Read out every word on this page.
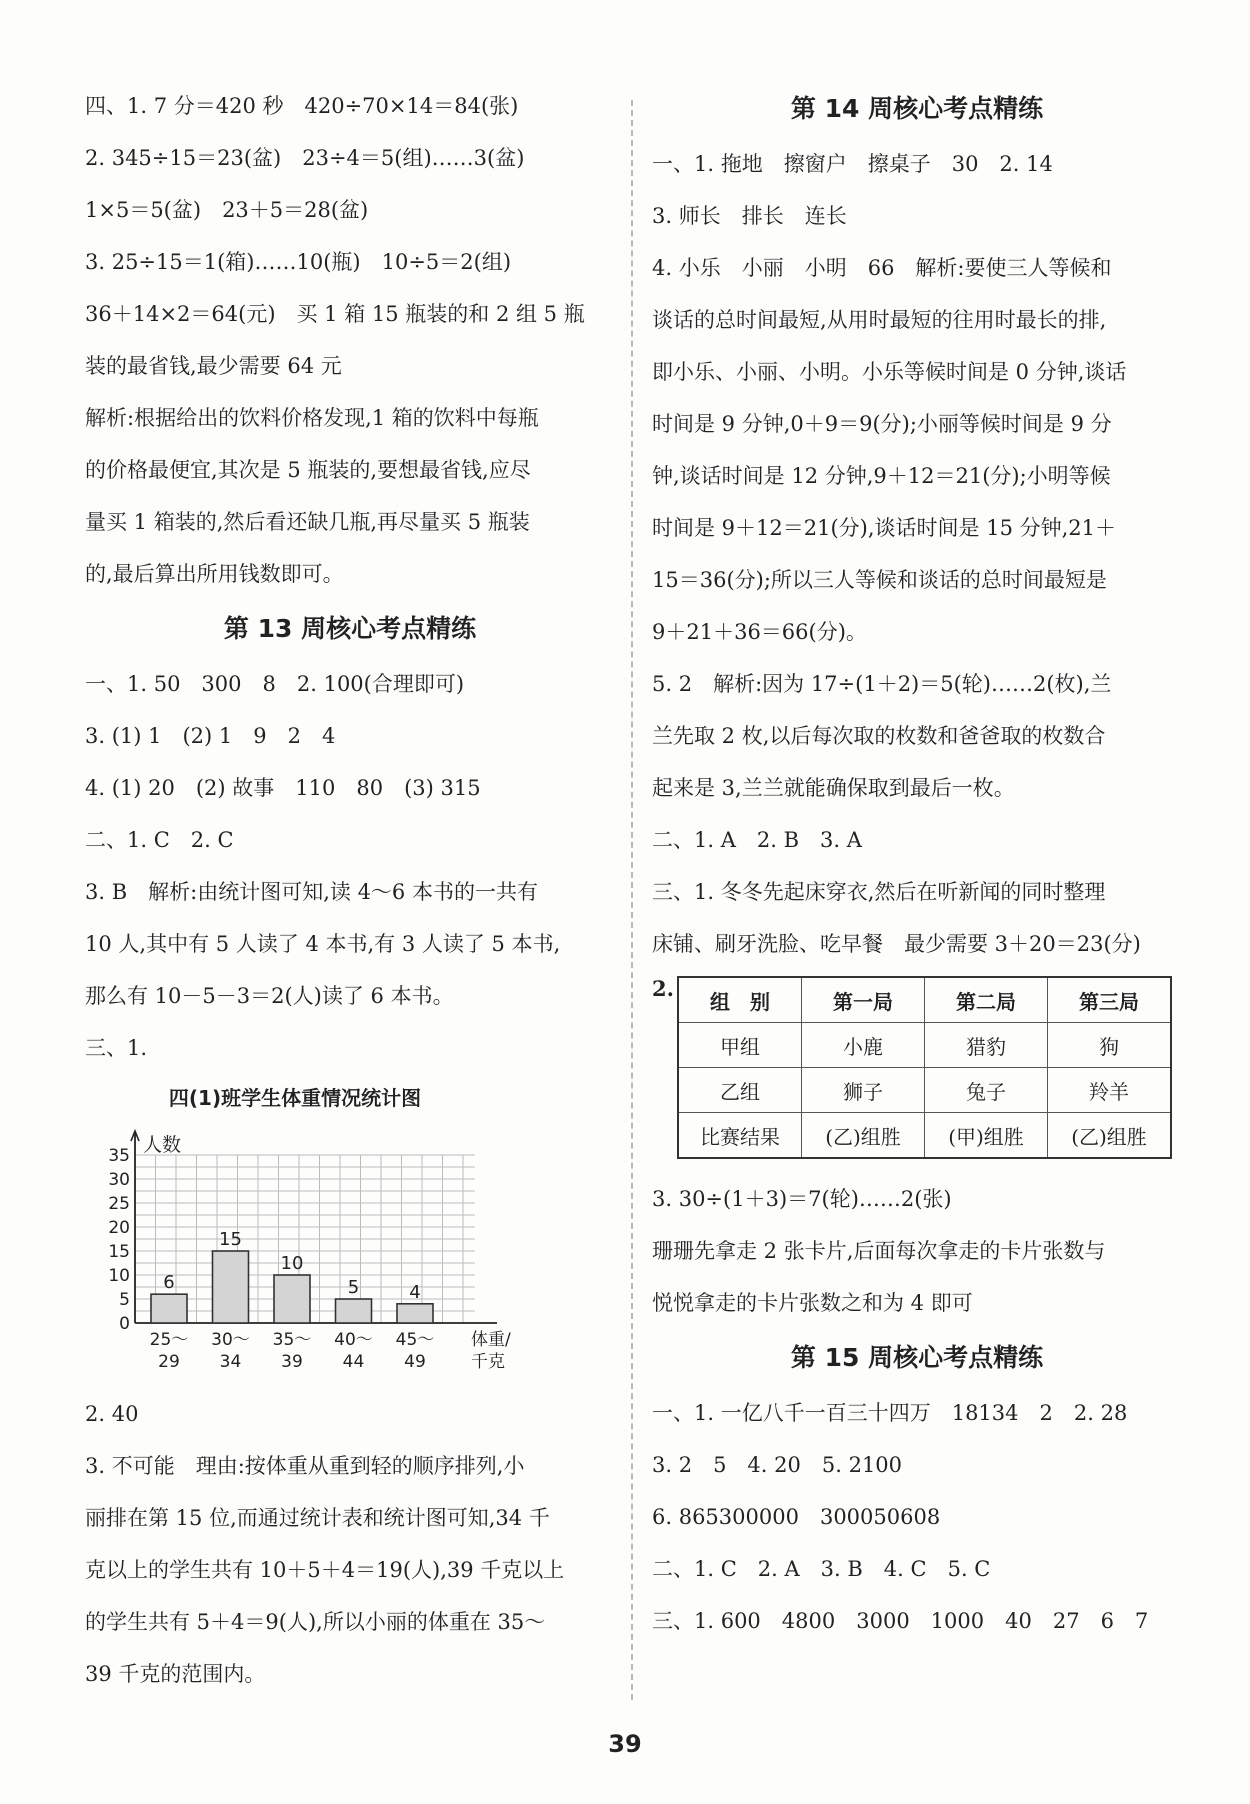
四、1. 7 分＝420 秒　420÷70×14＝84(张)
2. 345÷15＝23(盆)　23÷4＝5(组)……3(盆)
1×5＝5(盆)　23＋5＝28(盆)
3. 25÷15＝1(箱)……10(瓶)　10÷5＝2(组)
36＋14×2＝64(元)　买 1 箱 15 瓶装的和 2 组 5 瓶
装的最省钱,最少需要 64 元
解析:根据给出的饮料价格发现,1 箱的饮料中每瓶
的价格最便宜,其次是 5 瓶装的,要想最省钱,应尽
量买 1 箱装的,然后看还缺几瓶,再尽量买 5 瓶装
的,最后算出所用钱数即可。
第 13 周核心考点精练
一、1. 50　300　8　2. 100(合理即可)
3. (1) 1　(2) 1　9　2　4
4. (1) 20　(2) 故事　110　80　(3) 315
二、1. C　2. C
3. B　解析:由统计图可知,读 4～6 本书的一共有
10 人,其中有 5 人读了 4 本书,有 3 人读了 5 本书,
那么有 10－5－3＝2(人)读了 6 本书。
三、1.
四(1)班学生体重情况统计图
人数
0
5
10
15
20
25
30
35
6
25～
29
15
30～
34
10
35～
39
5
40～
44
4
45～
49
体重/千克
2. 40
3. 不可能　理由:按体重从重到轻的顺序排列,小
丽排在第 15 位,而通过统计表和统计图可知,34 千
克以上的学生共有 10＋5＋4＝19(人),39 千克以上
的学生共有 5＋4＝9(人),所以小丽的体重在 35～
39 千克的范围内。
第 14 周核心考点精练
一、1. 拖地　擦窗户　擦桌子　30　2. 14
3. 师长　排长　连长
4. 小乐　小丽　小明　66　解析:要使三人等候和
谈话的总时间最短,从用时最短的往用时最长的排,
即小乐、小丽、小明。小乐等候时间是 0 分钟,谈话
时间是 9 分钟,0＋9＝9(分);小丽等候时间是 9 分
钟,谈话时间是 12 分钟,9＋12＝21(分);小明等候
时间是 9＋12＝21(分),谈话时间是 15 分钟,21＋
15＝36(分);所以三人等候和谈话的总时间最短是
9＋21＋36＝66(分)。
5. 2　解析:因为 17÷(1＋2)＝5(轮)……2(枚),兰
兰先取 2 枚,以后每次取的枚数和爸爸取的枚数合
起来是 3,兰兰就能确保取到最后一枚。
二、1. A　2. B　3. A
三、1. 冬冬先起床穿衣,然后在听新闻的同时整理
床铺、刷牙洗脸、吃早餐　最少需要 3＋20＝23(分)
2.
组　别	第一局	第二局	第三局
甲组	小鹿	猎豹	狗
乙组	狮子	兔子	羚羊
比赛结果	(乙)组胜	(甲)组胜	(乙)组胜
3. 30÷(1＋3)＝7(轮)……2(张)
珊珊先拿走 2 张卡片,后面每次拿走的卡片张数与
悦悦拿走的卡片张数之和为 4 即可
第 15 周核心考点精练
一、1. 一亿八千一百三十四万　18134　2　2. 28
3. 2　5　4. 20　5. 2100
6. 865300000　300050608
二、1. C　2. A　3. B　4. C　5. C
三、1. 600　4800　3000　1000　40　27　6　7
39
